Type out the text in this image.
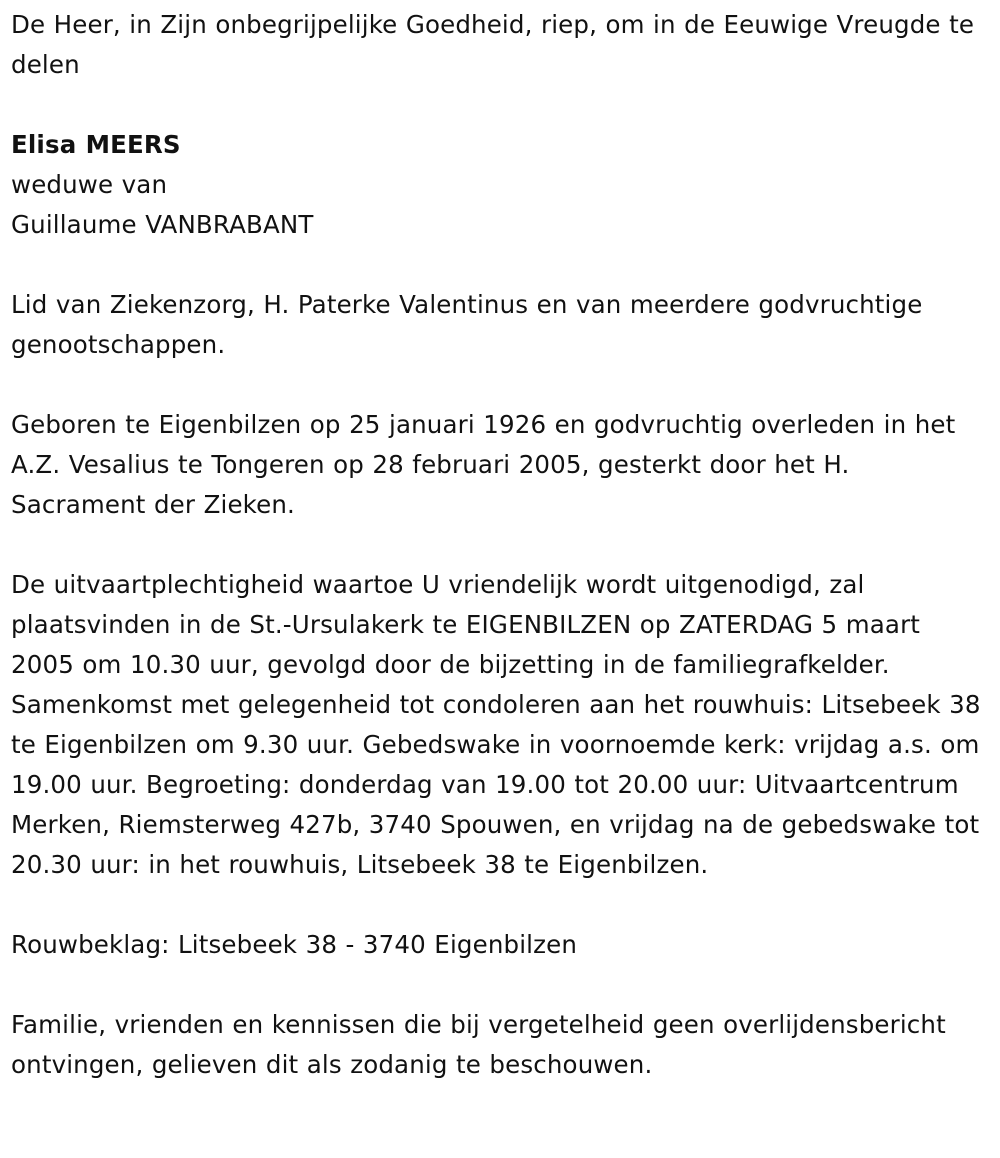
De Heer, in Zijn onbegrijpelijke Goedheid, riep, om in de Eeuwige Vreugde te delen

Elisa MEERS

weduwe van

Guillaume VANBRABANT

Lid van Ziekenzorg, H. Paterke Valentinus en van meerdere godvruchtige genootschappen.

Geboren te Eigenbilzen op 25 januari 1926 en godvruchtig overleden in het A.Z. Vesalius te Tongeren op 28 februari 2005, gesterkt door het H. Sacrament der Zieken.

De uitvaartplechtigheid waartoe U vriendelijk wordt uitgenodigd, zal plaatsvinden in de St.-Ursulakerk te EIGENBILZEN op ZATERDAG 5 maart 2005 om 10.30 uur, gevolgd door de bijzetting in de familiegrafkelder. Samenkomst met gelegenheid tot condoleren aan het rouwhuis: Litsebeek 38 te Eigenbilzen om 9.30 uur. Gebedswake in voornoemde kerk: vrijdag a.s. om 19.00 uur. Begroeting: donderdag van 19.00 tot 20.00 uur: Uitvaartcentrum Merken, Riemsterweg 427b, 3740 Spouwen, en vrijdag na de gebedswake tot 20.30 uur: in het rouwhuis, Litsebeek 38 te Eigenbilzen.

Rouwbeklag: Litsebeek 38 - 3740 Eigenbilzen

Familie, vrienden en kennissen die bij vergetelheid geen overlijdensbericht ontvingen, gelieven dit als zodanig te beschouwen.
